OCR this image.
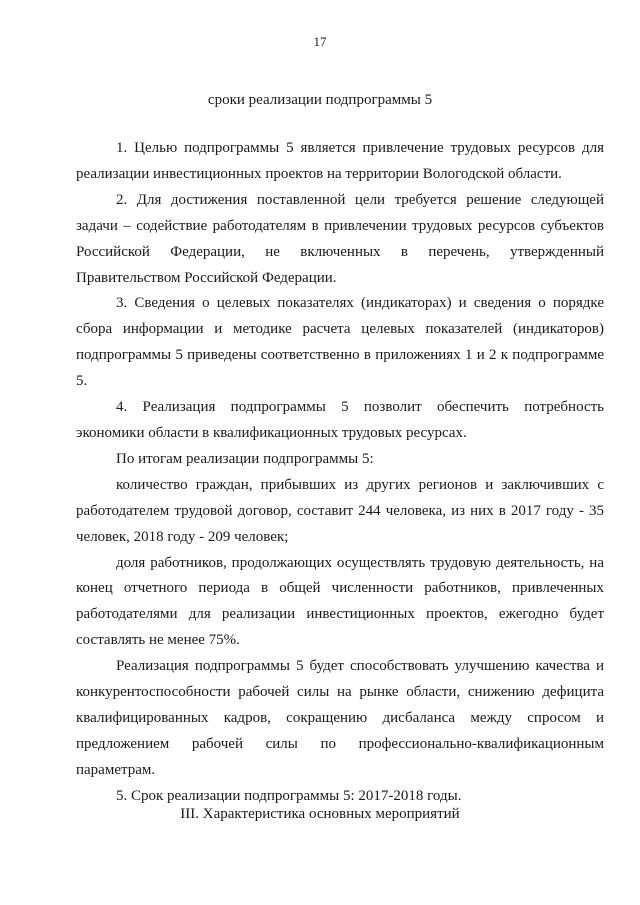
17
сроки реализации подпрограммы 5

1. Целью подпрограммы 5 является привлечение трудовых ресурсов для реализации инвестиционных проектов на территории Вологодской области.

2. Для достижения поставленной цели требуется решение следующей задачи – содействие работодателям в привлечении трудовых ресурсов субъектов Российской Федерации, не включенных в перечень, утвержденный Правительством Российской Федерации.

3. Сведения о целевых показателях (индикаторах) и сведения о порядке сбора информации и методике расчета целевых показателей (индикаторов) подпрограммы 5 приведены соответственно в приложениях 1 и 2 к подпрограмме 5.

4. Реализация подпрограммы 5 позволит обеспечить потребность экономики области в квалификационных трудовых ресурсах.

По итогам реализации подпрограммы 5:

количество граждан, прибывших из других регионов и заключивших с работодателем трудовой договор, составит 244 человека, из них в 2017 году - 35 человек, 2018 году - 209 человек;

доля работников, продолжающих осуществлять трудовую деятельность, на конец отчетного периода в общей численности работников, привлеченных работодателями для реализации инвестиционных проектов, ежегодно будет составлять не менее 75%.

Реализация подпрограммы 5 будет способствовать улучшению качества и конкурентоспособности рабочей силы на рынке области, снижению дефицита квалифицированных кадров, сокращению дисбаланса между спросом и предложением рабочей силы по профессионально-квалификационным параметрам.

5. Срок реализации подпрограммы 5: 2017-2018 годы.

III. Характеристика основных мероприятий
